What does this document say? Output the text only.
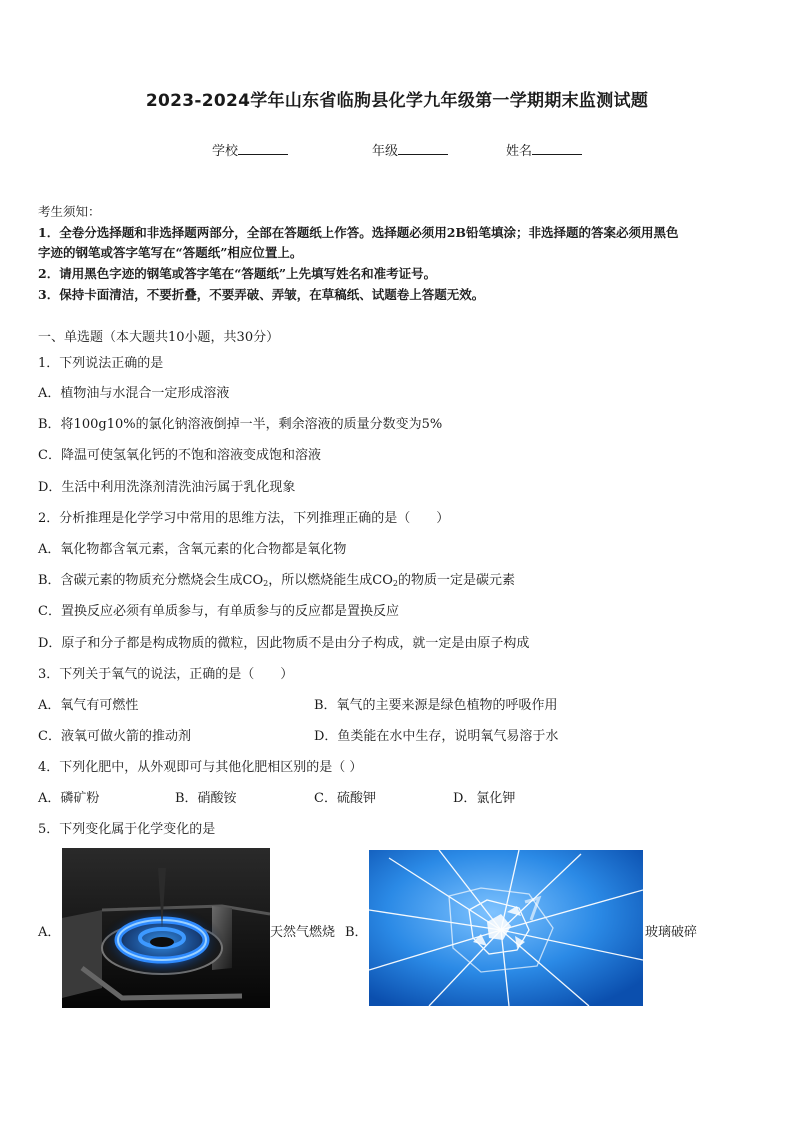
2023-2024学年山东省临朐县化学九年级第一学期期末监测试题
学校	年级	姓名
考生须知：
1．全卷分选择题和非选择题两部分，全部在答题纸上作答。选择题必须用2B铅笔填涂；非选择题的答案必须用黑色
字迹的钢笔或答字笔写在“答题纸”相应位置上。
2．请用黑色字迹的钢笔或答字笔在“答题纸”上先填写姓名和准考证号。
3．保持卡面清洁，不要折叠，不要弄破、弄皱，在草稿纸、试题卷上答题无效。
一、单选题（本大题共10小题，共30分）
1．下列说法正确的是
A．植物油与水混合一定形成溶液
B．将100g10%的氯化钠溶液倒掉一半，剩余溶液的质量分数变为5%
C．降温可使氢氧化钙的不饱和溶液变成饱和溶液
D．生活中利用洗涤剂清洗油污属于乳化现象
2．分析推理是化学学习中常用的思维方法，下列推理正确的是（　　）
A．氧化物都含氧元素，含氧元素的化合物都是氧化物
B．含碳元素的物质充分燃烧会生成$CO_2$，所以燃烧能生成$CO_2$的物质一定是碳元素
C．置换反应必须有单质参与，有单质参与的反应都是置换反应
D．原子和分子都是构成物质的微粒，因此物质不是由分子构成，就一定是由原子构成
3．下列关于氧气的说法，正确的是（　　）
A．氧气有可燃性	B．氧气的主要来源是绿色植物的呼吸作用
C．液氧可做火箭的推动剂	D．鱼类能在水中生存，说明氧气易溶于水
4．下列化肥中，从外观即可与其他化肥相区别的是（ ）
A．磷矿粉	B．硝酸铵	C．硫酸钾	D．氯化钾
5．下列变化属于化学变化的是
A．	天然气燃烧 B．	玻璃破碎
